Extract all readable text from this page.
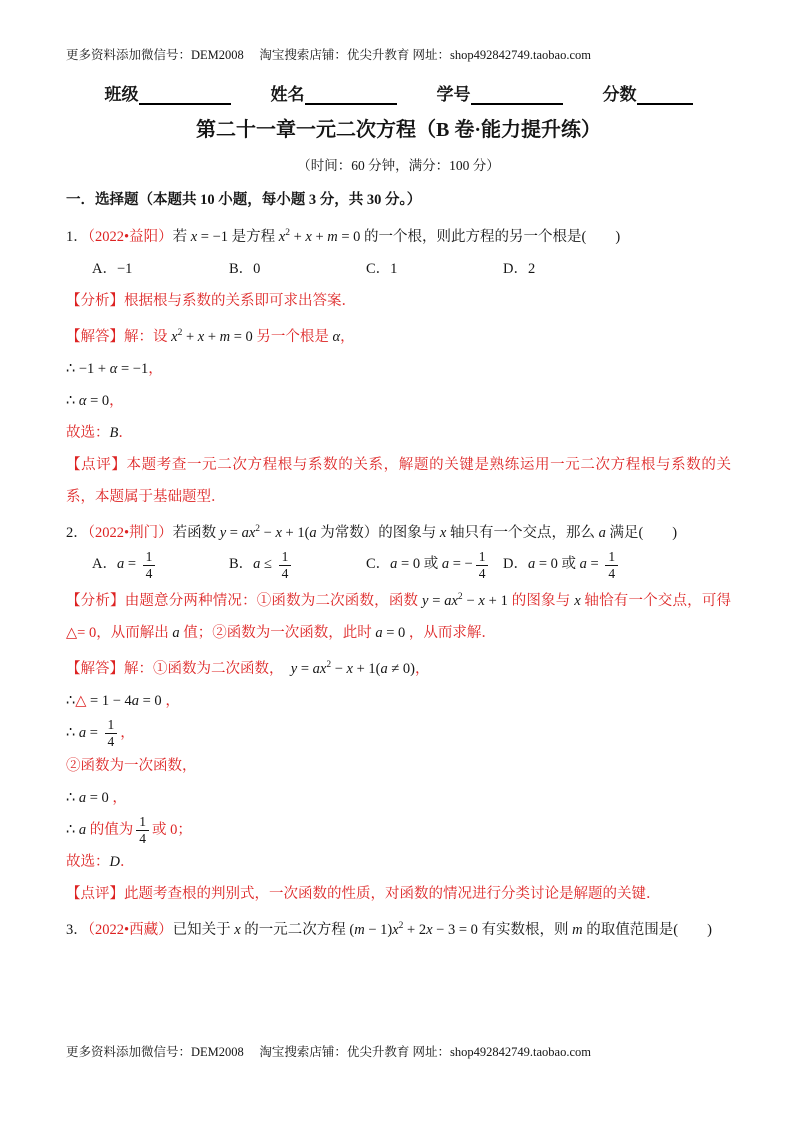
更多资料添加微信号：DEM2008　 淘宝搜索店铺：优尖升教育 网址：shop492842749.taobao.com
班级	姓名	学号	分数
第二十一章一元二次方程（B 卷·能力提升练）
（时间：60 分钟，满分：100 分）
一．选择题（本题共 10 小题，每小题 3 分，共 30 分。）
1．（2022•益阳）若 x = −1 是方程 $x^2 + x + m = 0$ 的一个根，则此方程的另一个根是(　　)
A．−1	B．0	C．1	D．2
【分析】根据根与系数的关系即可求出答案．
【解答】解：设 $x^2 + x + m = 0$ 另一个根是 α，
∴ −1 + α = −1，
∴ α = 0，
故选：B．
【点评】本题考查一元二次方程根与系数的关系，解题的关键是熟练运用一元二次方程根与系数的关系，本题属于基础题型．
2．（2022•荆门）若函数 $y = ax^2 - x + 1(a$ 为常数）的图象与 x 轴只有一个交点，那么 a 满足(　　)
A．$a = \frac{1}{4}$	B．$a \le \frac{1}{4}$	C．a = 0 或 a = − $\frac{1}{4}$ D．a = 0 或 $a = \frac{1}{4}$
【分析】由题意分两种情况：①函数为二次函数，函数 $y = ax^2 - x + 1$ 的图象与 x 轴恰有一个交点，可得△= 0，从而解出 a 值；②函数为一次函数，此时 a = 0 ，从而求解．
【解答】解：①函数为二次函数，　$y = ax^2 - x + 1(a \ne 0)$，
∴△ = 1 − 4a = 0 ，
∴ $a = \frac{1}{4}$ ，
②函数为一次函数，
∴ a = 0 ，
∴ a 的值为 $\frac{1}{4}$ 或 0；
故选：D．
【点评】此题考查根的判别式，一次函数的性质，对函数的情况进行分类讨论是解题的关键．
3．（2022•西藏）已知关于 x 的一元二次方程 $(m - 1)x^2 + 2x - 3 = 0$ 有实数根，则 m 的取值范围是(　　)
更多资料添加微信号：DEM2008　 淘宝搜索店铺：优尖升教育 网址：shop492842749.taobao.com
